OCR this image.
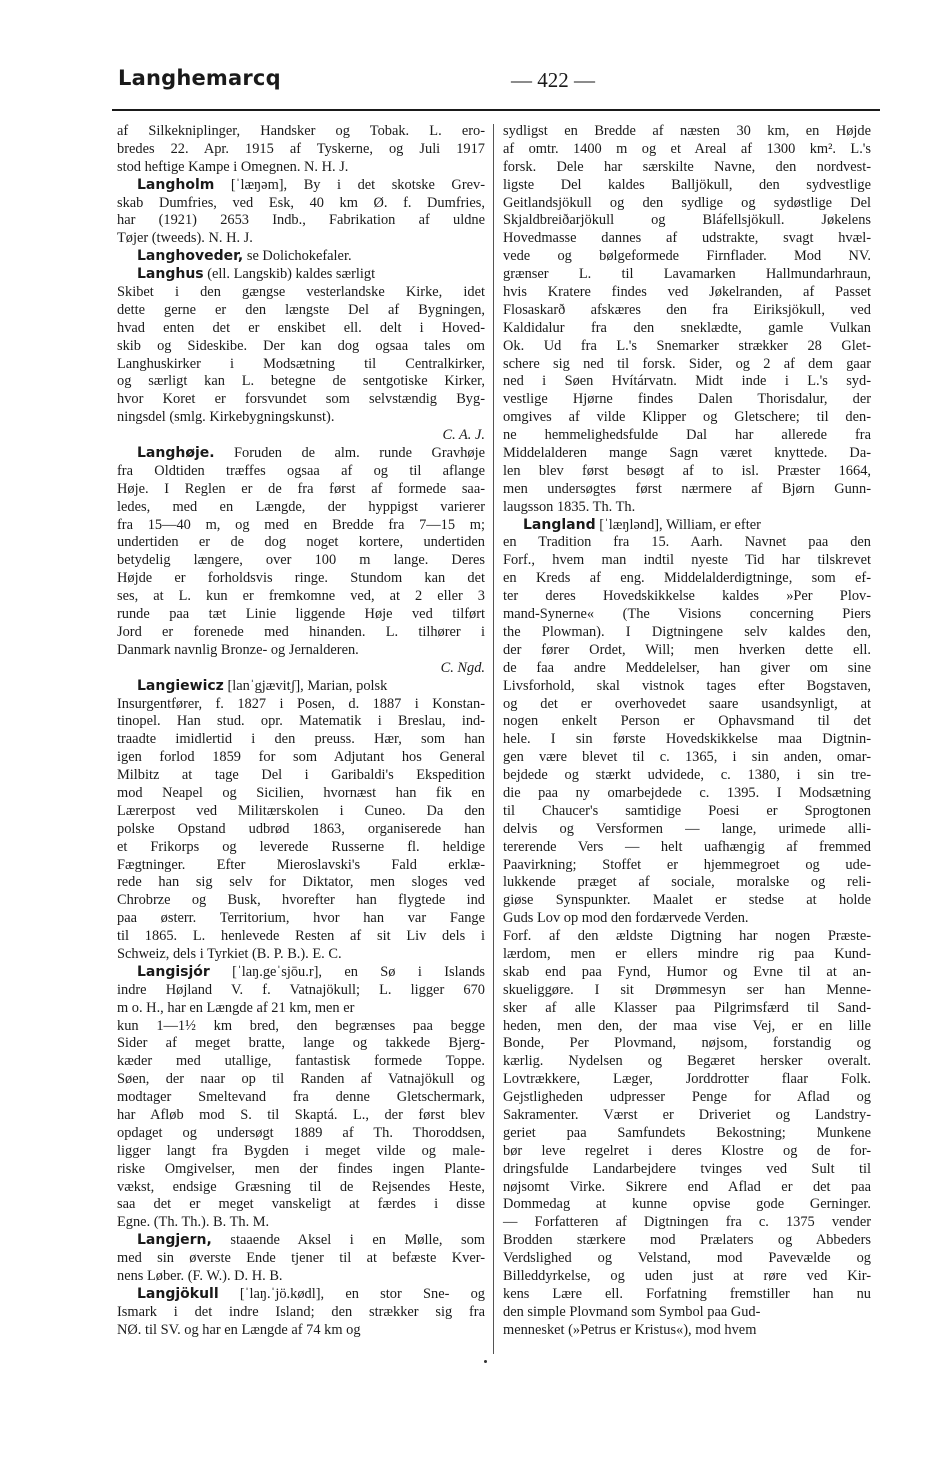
Langhemarcq	— 422 —
af Silkekniplinger, Handsker og Tobak. L. ero-
bredes 22. Apr. 1915 af Tyskerne, og Juli 1917
stod heftige Kampe i Omegnen. N. H. J.
Langholm [ˈlæŋəm], By i det skotske Grev-
skab Dumfries, ved Esk, 40 km Ø. f. Dumfries,
har (1921) 2653 Indb., Fabrikation af uldne
Tøjer (tweeds). N. H. J.
Langhoveder, se Dolichokefaler.
Langhus (ell. Langskib) kaldes særligt
Skibet i den gængse vesterlandske Kirke, idet
dette gerne er den længste Del af Bygningen,
hvad enten det er enskibet ell. delt i Hoved-
skib og Sideskibe. Der kan dog ogsaa tales om
Langhuskirker i Modsætning til Centralkirker,
og særligt kan L. betegne de sentgotiske Kirker,
hvor Koret er forsvundet som selvstændig Byg-
ningsdel (smlg. Kirkebygningskunst).
C. A. J.
Langhøje. Foruden de alm. runde Gravhøje
fra Oldtiden træffes ogsaa af og til aflange
Høje. I Reglen er de fra først af formede saa-
ledes, med en Længde, der hyppigst varierer
fra 15—40 m, og med en Bredde fra 7—15 m;
undertiden er de dog noget kortere, undertiden
betydelig længere, over 100 m lange. Deres
Højde er forholdsvis ringe. Stundom kan det
ses, at L. kun er fremkomne ved, at 2 eller 3
runde paa tæt Linie liggende Høje ved tilført
Jord er forenede med hinanden. L. tilhører i
Danmark navnlig Bronze- og Jernalderen.
C. Ngd.
Langiewicz [lanˈgjævitʃ], Marian, polsk
Insurgentfører, f. 1827 i Posen, d. 1887 i Konstan-
tinopel. Han stud. opr. Matematik i Breslau, ind-
traadte imidlertid i den preuss. Hær, som han
igen forlod 1859 for som Adjutant hos General
Milbitz at tage Del i Garibaldi's Ekspedition
mod Neapel og Sicilien, hvornæst han fik en
Lærerpost ved Militærskolen i Cuneo. Da den
polske Opstand udbrød 1863, organiserede han
et Frikorps og leverede Russerne fl. heldige
Fægtninger. Efter Mieroslavski's Fald erklæ-
rede han sig selv for Diktator, men sloges ved
Chrobrze og Busk, hvorefter han flygtede ind
paa østerr. Territorium, hvor han var Fange
til 1865. L. henlevede Resten af sit Liv dels i
Schweiz, dels i Tyrkiet (B. P. B.). E. C.
Langisjór [ˈlaŋ.geˈsjōu.r], en Sø i Islands
indre Højland V. f. Vatnajökull; L. ligger 670
m o. H., har en Længde af 21 km, men er
kun 1—1½ km bred, den begrænses paa begge
Sider af meget bratte, lange og takkede Bjerg-
kæder med utallige, fantastisk formede Toppe.
Søen, der naar op til Randen af Vatnajökull og
modtager Smeltevand fra denne Gletschermark,
har Afløb mod S. til Skaptá. L., der først blev
opdaget og undersøgt 1889 af Th. Thoroddsen,
ligger langt fra Bygden i meget vilde og male-
riske Omgivelser, men der findes ingen Plante-
vækst, endsige Græsning til de Rejsendes Heste,
saa det er meget vanskeligt at færdes i disse
Egne. (Th. Th.). B. Th. M.
Langjern, staaende Aksel i en Mølle, som
med sin øverste Ende tjener til at befæste Kver-
nens Løber. (F. W.). D. H. B.
Langjökull [ˈlaŋ.ˈjö.kødl], en stor Sne- og
Ismark i det indre Island; den strækker sig fra
NØ. til SV. og har en Længde af 74 km og
sydligst en Bredde af næsten 30 km, en Højde
af omtr. 1400 m og et Areal af 1300 km². L.'s
forsk. Dele har særskilte Navne, den nordvest-
ligste Del kaldes Balljökull, den sydvestlige
Geitlandsjökull og den sydlige og sydøstlige Del
Skjaldbreiðarjökull og Bláfellsjökull. Jøkelens
Hovedmasse dannes af udstrakte, svagt hvæl-
vede og bølgeformede Firnflader. Mod NV.
grænser L. til Lavamarken Hallmundarhraun,
hvis Kratere findes ved Jøkelranden, af Passet
Flosaskarð afskæres den fra Eiriksjökull, ved
Kaldidalur fra den sneklædte, gamle Vulkan
Ok. Ud fra L.'s Snemarker strækker 28 Glet-
schere sig ned til forsk. Sider, og 2 af dem gaar
ned i Søen Hvítárvatn. Midt inde i L.'s syd-
vestlige Hjørne findes Dalen Thorisdalur, der
omgives af vilde Klipper og Gletschere; til den-
ne hemmelighedsfulde Dal har allerede fra
Middelalderen mange Sagn været knyttede. Da-
len blev først besøgt af to isl. Præster 1664,
men undersøgtes først nærmere af Bjørn Gunn-
laugsson 1835. Th. Th.
Langland [ˈlæŋlənd], William, er efter
en Tradition fra 15. Aarh. Navnet paa den
Forf., hvem man indtil nyeste Tid har tilskrevet
en Kreds af eng. Middelalderdigtninge, som ef-
ter deres Hovedskikkelse kaldes »Per Plov-
mand-Synerne« (The Visions concerning Piers
the Plowman). I Digtningene selv kaldes den,
der fører Ordet, Will; men hverken dette ell.
de faa andre Meddelelser, han giver om sine
Livsforhold, skal vistnok tages efter Bogstaven,
og det er overhovedet saare usandsynligt, at
nogen enkelt Person er Ophavsmand til det
hele. I sin første Hovedskikkelse maa Digtnin-
gen være blevet til c. 1365, i sin anden, omar-
bejdede og stærkt udvidede, c. 1380, i sin tre-
die paa ny omarbejdede c. 1395. I Modsætning
til Chaucer's samtidige Poesi er Sprogtonen
delvis og Versformen — lange, urimede alli-
tererende Vers — helt uafhængig af fremmed
Paavirkning; Stoffet er hjemmegroet og ude-
lukkende præget af sociale, moralske og reli-
giøse Synspunkter. Maalet er stedse at holde
Guds Lov op mod den fordærvede Verden.
Forf. af den ældste Digtning har nogen Præste-
lærdom, men er ellers mindre rig paa Kund-
skab end paa Fynd, Humor og Evne til at an-
skueliggøre. I sit Drømmesyn ser han Menne-
sker af alle Klasser paa Pilgrimsfærd til Sand-
heden, men den, der maa vise Vej, er en lille
Bonde, Per Plovmand, nøjsom, forstandig og
kærlig. Nydelsen og Begæret hersker overalt.
Lovtrækkere, Læger, Jorddrotter flaar Folk.
Gejstligheden udpresser Penge for Aflad og
Sakramenter. Værst er Driveriet og Landstry-
geriet paa Samfundets Bekostning; Munkene
bør leve regelret i deres Klostre og de for-
dringsfulde Landarbejdere tvinges ved Sult til
nøjsomt Virke. Sikrere end Aflad er det paa
Dommedag at kunne opvise gode Gerninger.
— Forfatteren af Digtningen fra c. 1375 vender
Brodden stærkere mod Prælaters og Abbeders
Verdslighed og Velstand, mod Pavevælde og
Billeddyrkelse, og uden just at røre ved Kir-
kens Lære ell. Forfatning fremstiller han nu
den simple Plovmand som Symbol paa Gud-
mennesket (»Petrus er Kristus«), mod hvem
